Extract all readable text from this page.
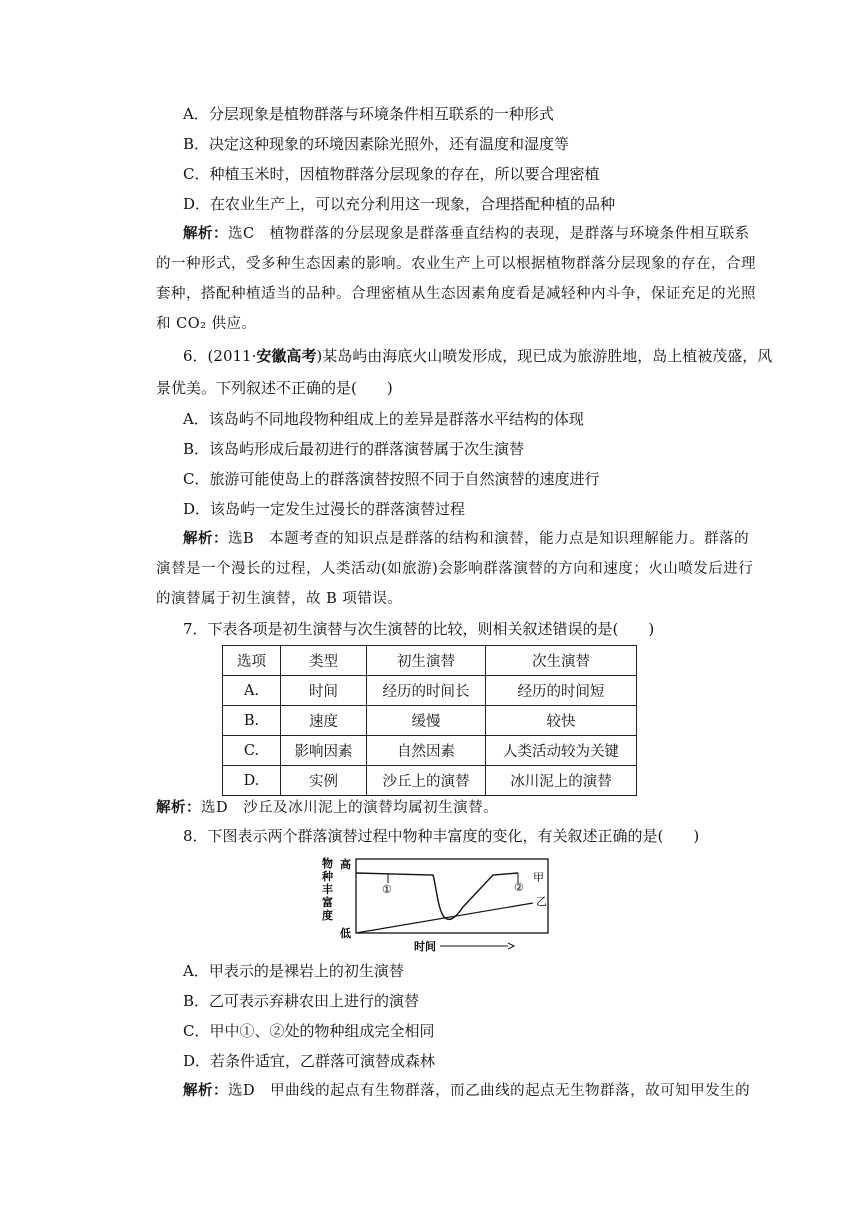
A．分层现象是植物群落与环境条件相互联系的一种形式
B．决定这种现象的环境因素除光照外，还有温度和湿度等
C．种植玉米时，因植物群落分层现象的存在，所以要合理密植
D．在农业生产上，可以充分利用这一现象，合理搭配种植的品种
解析：选C　植物群落的分层现象是群落垂直结构的表现，是群落与环境条件相互联系
的一种形式，受多种生态因素的影响。农业生产上可以根据植物群落分层现象的存在，合理
套种，搭配种植适当的品种。合理密植从生态因素角度看是减轻种内斗争，保证充足的光照
和 CO₂ 供应。
6．(2011·安徽高考)某岛屿由海底火山喷发形成，现已成为旅游胜地，岛上植被茂盛，风
景优美。下列叙述不正确的是(　　)
A．该岛屿不同地段物种组成上的差异是群落水平结构的体现
B．该岛屿形成后最初进行的群落演替属于次生演替
C．旅游可能使岛上的群落演替按照不同于自然演替的速度进行
D．该岛屿一定发生过漫长的群落演替过程
解析：选B　本题考查的知识点是群落的结构和演替，能力点是知识理解能力。群落的
演替是一个漫长的过程，人类活动(如旅游)会影响群落演替的方向和速度；火山喷发后进行
的演替属于初生演替，故 B 项错误。
7．下表各项是初生演替与次生演替的比较，则相关叙述错误的是(　　)
选项	类型	初生演替	次生演替
A.	时间	经历的时间长	经历的时间短
B.	速度	缓慢	较快
C.	影响因素	自然因素	人类活动较为关键
D.	实例	沙丘上的演替	冰川泥上的演替
解析：选D　沙丘及冰川泥上的演替均属初生演替。
8．下图表示两个群落演替过程中物种丰富度的变化，有关叙述正确的是(　　)
物种丰富度
高
低
①	②
甲
乙
时间
A．甲表示的是裸岩上的初生演替
B．乙可表示弃耕农田上进行的演替
C．甲中①、②处的物种组成完全相同
D．若条件适宜，乙群落可演替成森林
解析：选D　甲曲线的起点有生物群落，而乙曲线的起点无生物群落，故可知甲发生的
